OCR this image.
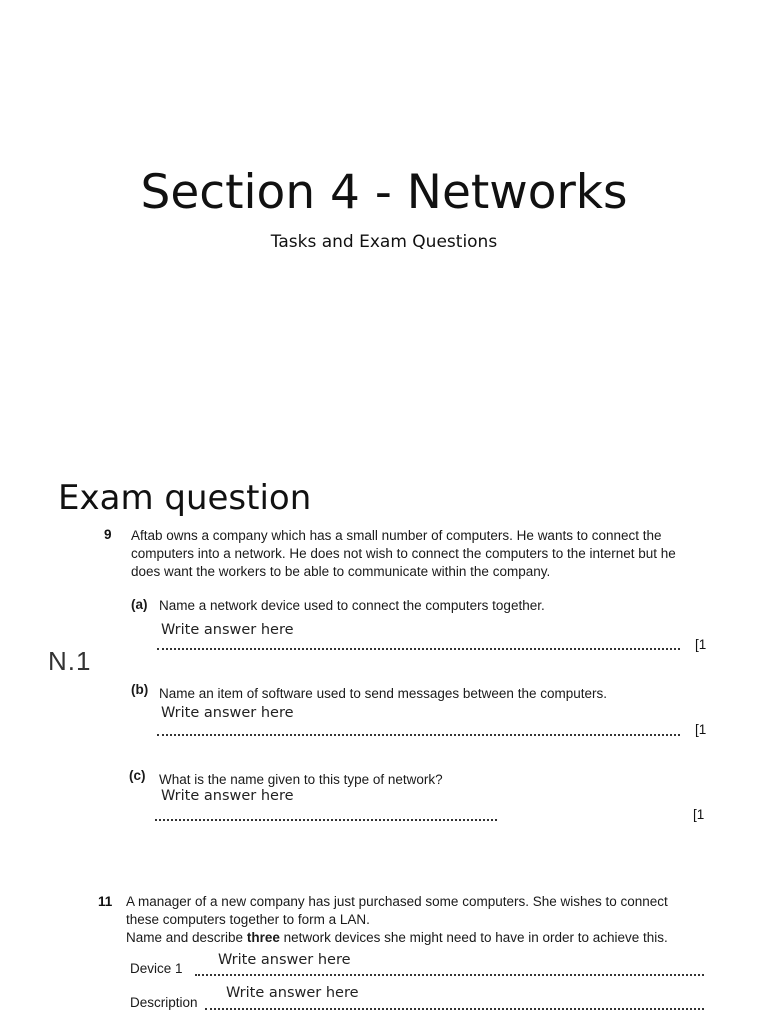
Section 4 - Networks
Tasks and Exam Questions
Exam question
9 Aftab owns a company which has a small number of computers. He wants to connect the
computers into a network. He does not wish to connect the computers to the internet but he
does want the workers to be able to communicate within the company.
(a) Name a network device used to connect the computers together.
Write answer here
[1
N.1
(b) Name an item of software used to send messages between the computers.
Write answer here
[1
(c) What is the name given to this type of network?
Write answer here
[1
11 A manager of a new company has just purchased some computers. She wishes to connect
these computers together to form a LAN.
Name and describe three network devices she might need to have in order to achieve this.
Device 1
Write answer here
Description
Write answer here
